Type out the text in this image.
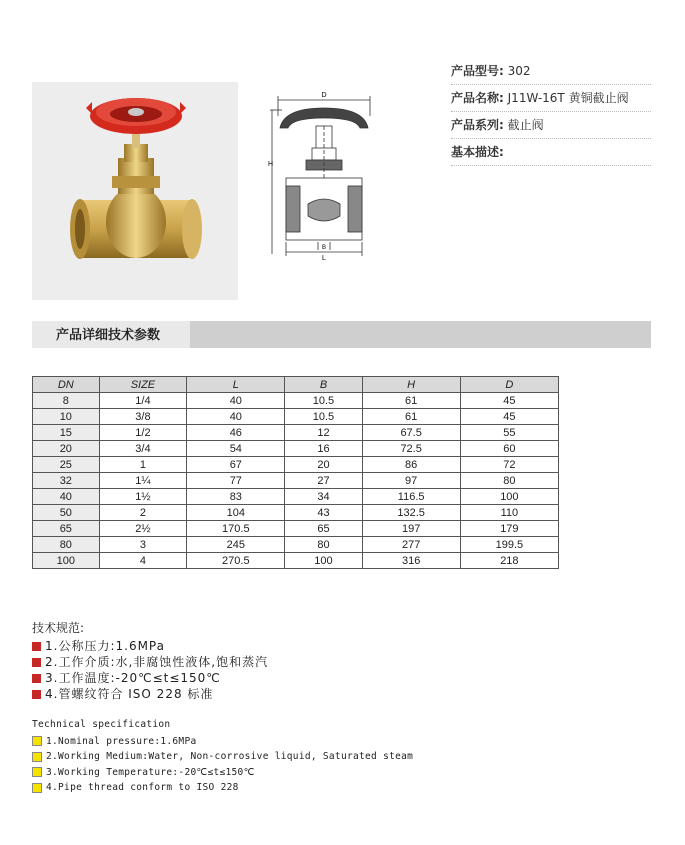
D
H
B
L
产品型号: 302
产品名称: J11W-16T 黄铜截止阀
产品系列: 截止阀
基本描述:
产品详细技术参数
DN	SIZE	L	B	H	D
8	1/4	40	10.5	61	45
10	3/8	40	10.5	61	45
15	1/2	46	12	67.5	55
20	3/4	54	16	72.5	60
25	1	67	20	86	72
32	1¼	77	27	97	80
40	1½	83	34	116.5	100
50	2	104	43	132.5	110
65	2½	170.5	65	197	179
80	3	245	80	277	199.5
100	4	270.5	100	316	218
技术规范:
1.公称压力:1.6MPa
2.工作介质:水,非腐蚀性液体,饱和蒸汽
3.工作温度:-20℃≤t≤150℃
4.管螺纹符合 ISO 228 标准
Technical specification
1.Nominal pressure:1.6MPa
2.Working Medium:Water, Non-corrosive liquid, Saturated steam
3.Working Temperature:-20℃≤t≤150℃
4.Pipe thread conform to ISO 228
